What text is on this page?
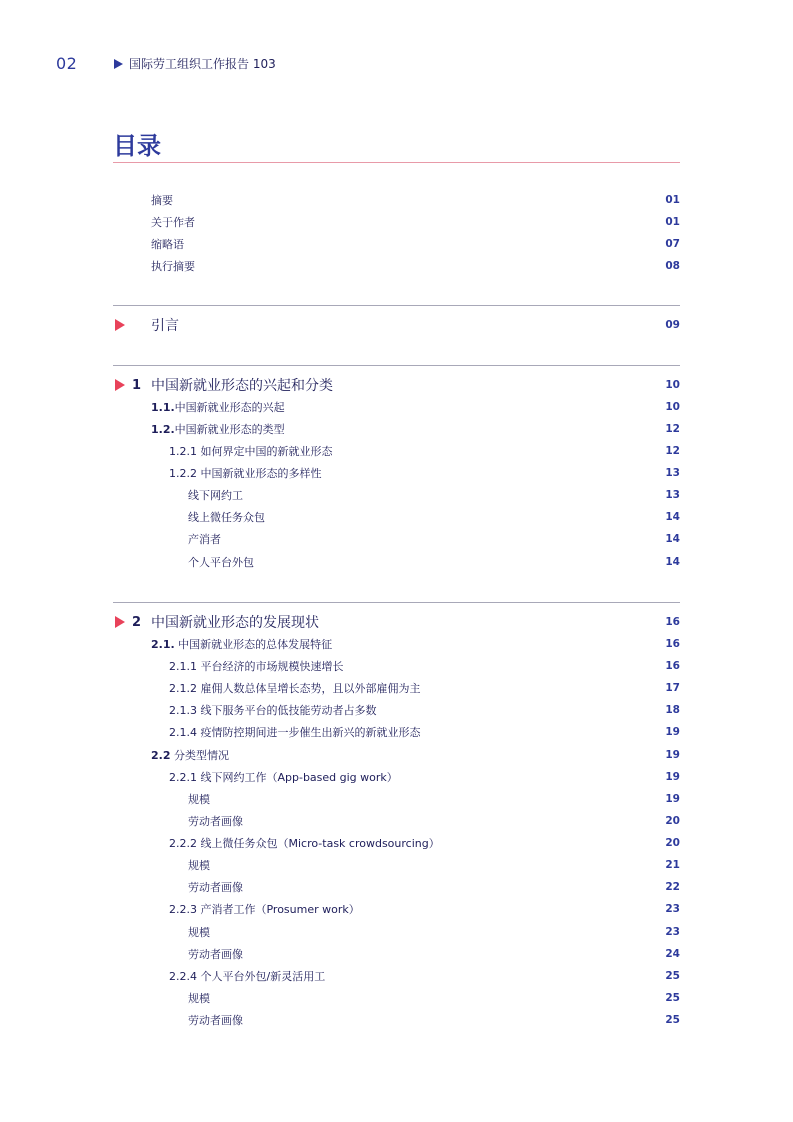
02	国际劳工组织工作报告 103
目录
摘要	01
关于作者	01
缩略语	07
执行摘要	08
引言	09
1 中国新就业形态的兴起和分类	10
1.1.中国新就业形态的兴起	10
1.2.中国新就业形态的类型	12
1.2.1 如何界定中国的新就业形态	12
1.2.2 中国新就业形态的多样性	13
线下网约工	13
线上微任务众包	14
产消者	14
个人平台外包	14
2 中国新就业形态的发展现状	16
2.1. 中国新就业形态的总体发展特征	16
2.1.1 平台经济的市场规模快速增长	16
2.1.2 雇佣人数总体呈增长态势，且以外部雇佣为主	17
2.1.3 线下服务平台的低技能劳动者占多数	18
2.1.4 疫情防控期间进一步催生出新兴的新就业形态	19
2.2 分类型情况	19
2.2.1 线下网约工作（App-based gig work）	19
规模	19
劳动者画像	20
2.2.2 线上微任务众包（Micro-task crowdsourcing）	20
规模	21
劳动者画像	22
2.2.3 产消者工作（Prosumer work）	23
规模	23
劳动者画像	24
2.2.4 个人平台外包/新灵活用工	25
规模	25
劳动者画像	25
